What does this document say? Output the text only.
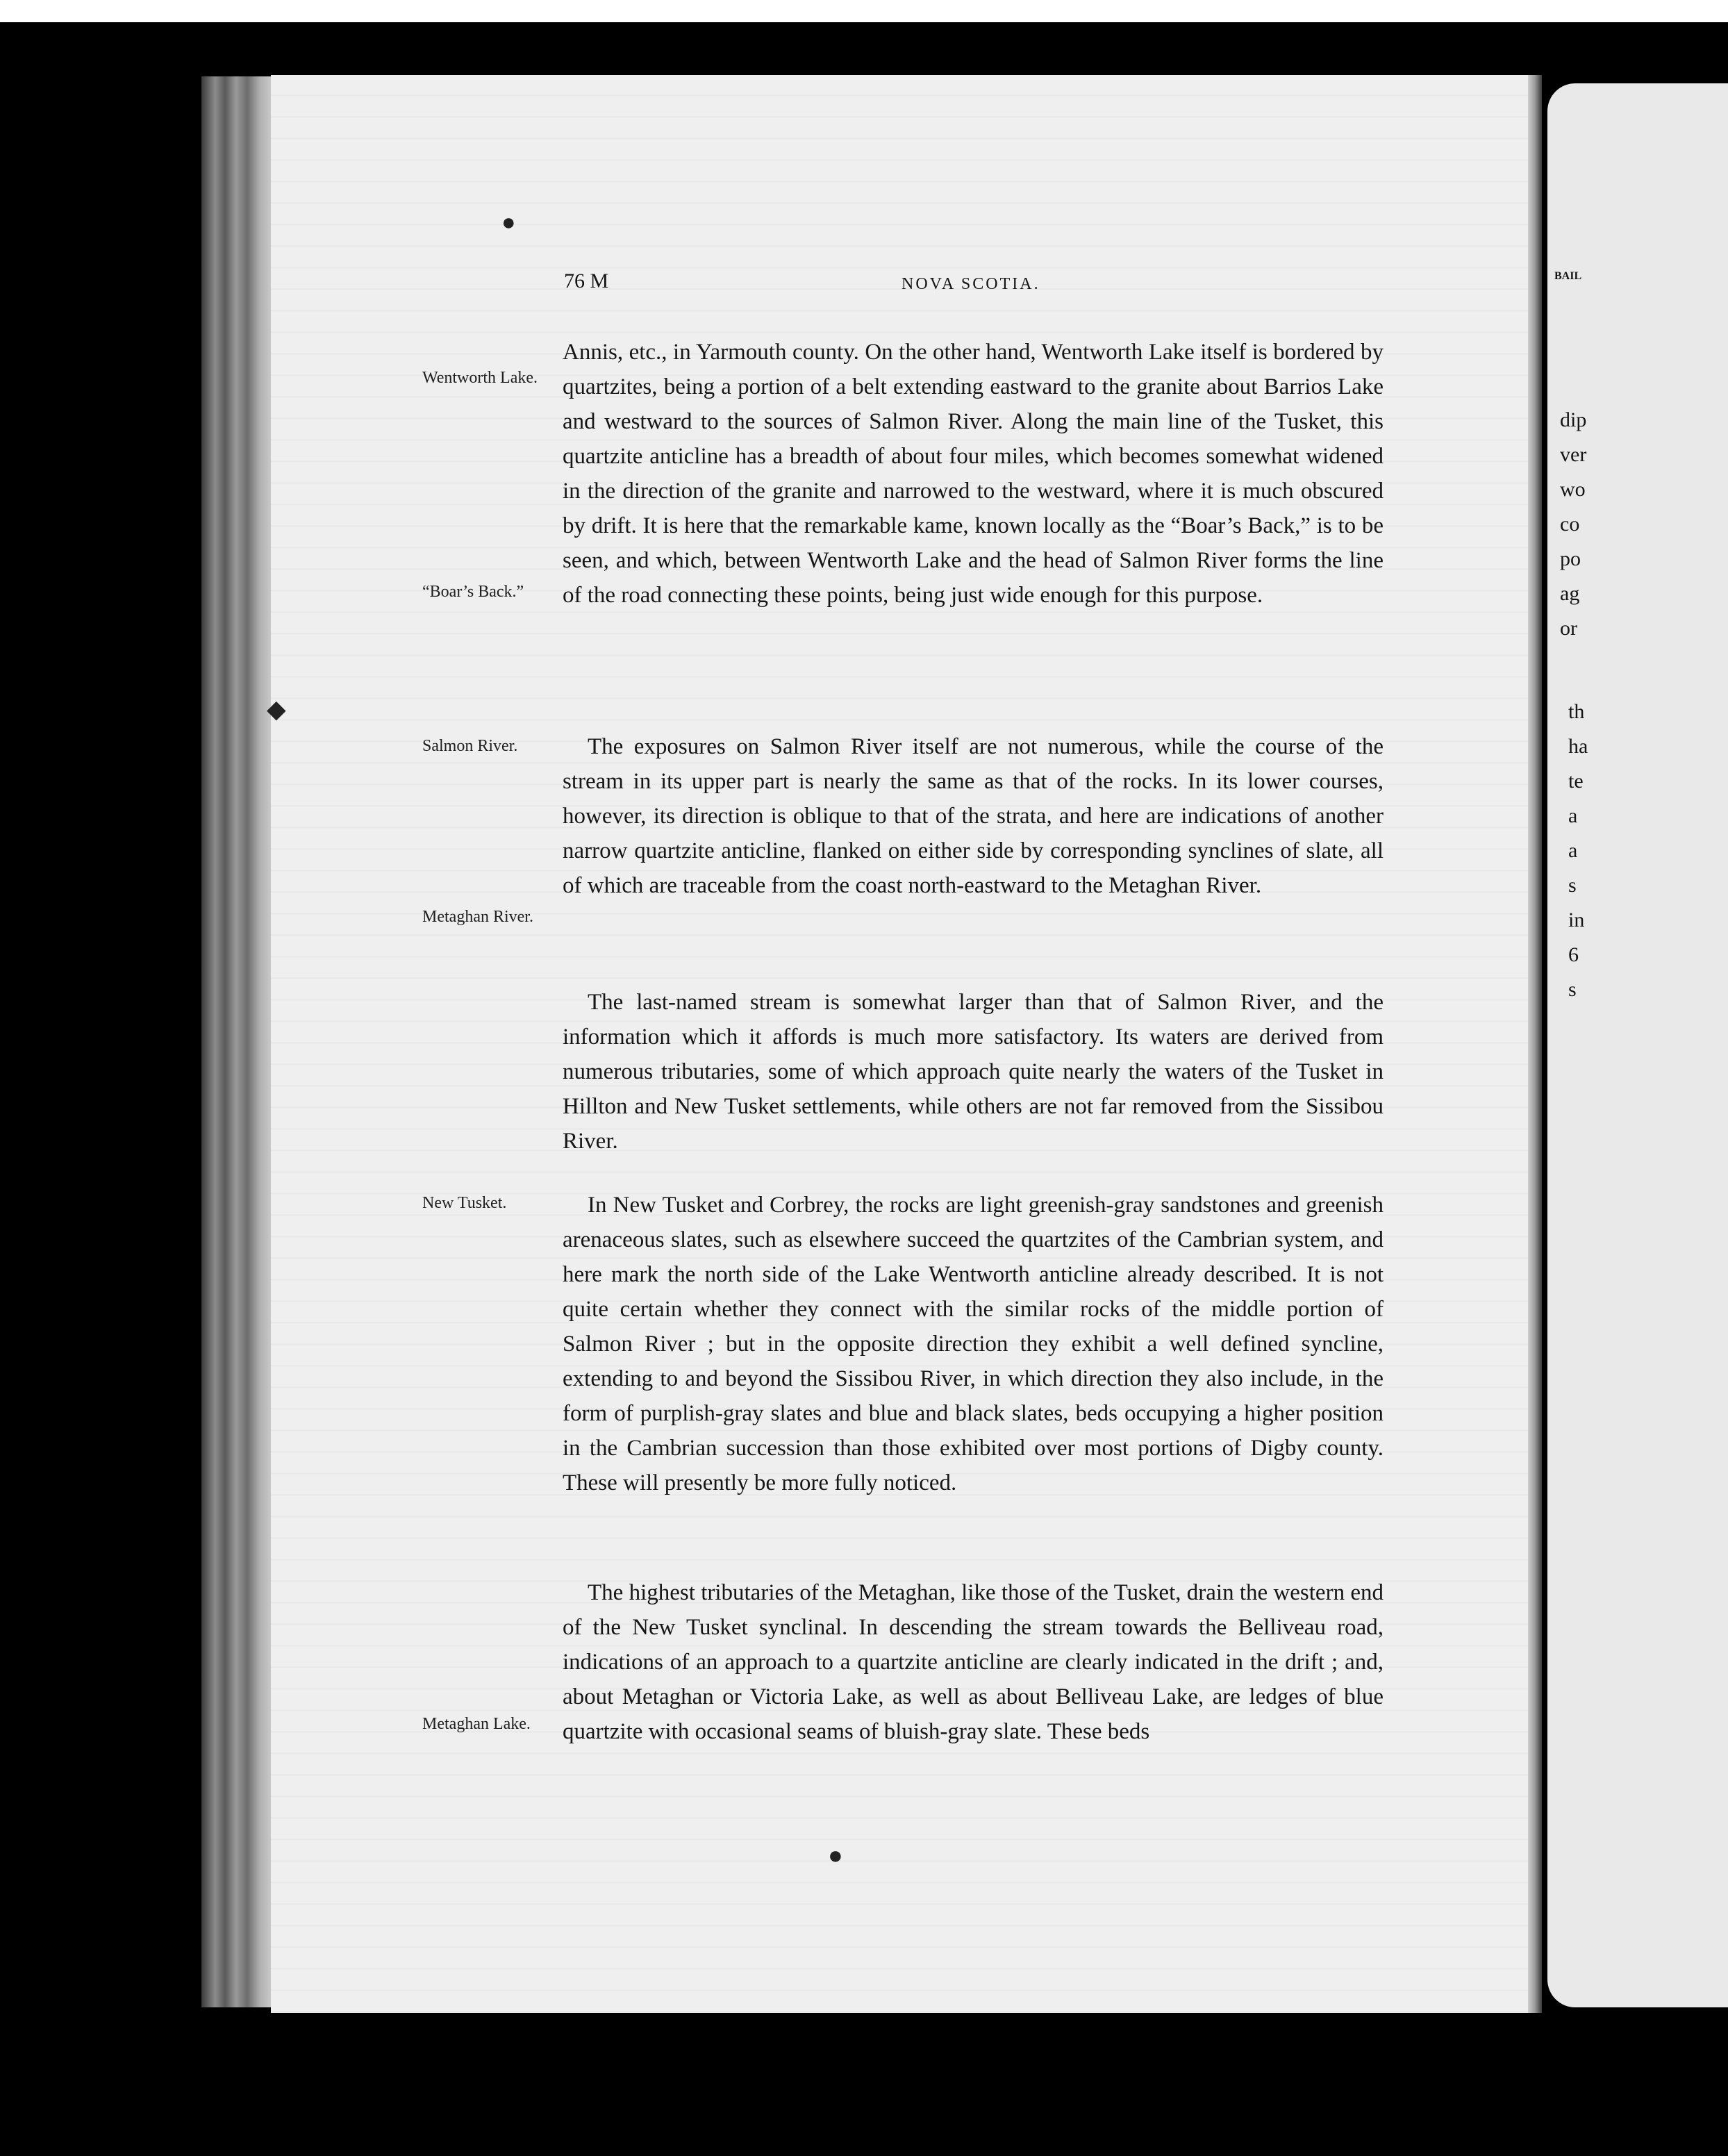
BAIL
dip
ver
wo
co
po
ag
or
th
ha
te
a
a
s
in
6
s
●
◆
●
76 M	NOVA SCOTIA.
Wentworth Lake.
“Boar’s Back.”
Salmon River.
Metaghan River.
New Tusket.
Metaghan Lake.

Annis, etc., in Yarmouth county. On the other hand, Wentworth Lake itself is bordered by quartzites, being a portion of a belt extending eastward to the granite about Barrios Lake and westward to the sources of Salmon River. Along the main line of the Tusket, this quartzite anticline has a breadth of about four miles, which becomes somewhat widened in the direction of the granite and narrowed to the westward, where it is much obscured by drift. It is here that the remarkable kame, known locally as the “Boar’s Back,” is to be seen, and which, between Wentworth Lake and the head of Salmon River forms the line of the road connecting these points, being just wide enough for this purpose.

The exposures on Salmon River itself are not numerous, while the course of the stream in its upper part is nearly the same as that of the rocks. In its lower courses, however, its direction is oblique to that of the strata, and here are indications of another narrow quartzite anticline, flanked on either side by corresponding synclines of slate, all of which are traceable from the coast north-eastward to the Metaghan River.

The last-named stream is somewhat larger than that of Salmon River, and the information which it affords is much more satisfactory. Its waters are derived from numerous tributaries, some of which approach quite nearly the waters of the Tusket in Hillton and New Tusket settlements, while others are not far removed from the Sissibou River.

In New Tusket and Corbrey, the rocks are light greenish-gray sandstones and greenish arenaceous slates, such as elsewhere succeed the quartzites of the Cambrian system, and here mark the north side of the Lake Wentworth anticline already described. It is not quite certain whether they connect with the similar rocks of the middle portion of Salmon River ; but in the opposite direction they exhibit a well defined syncline, extending to and beyond the Sissibou River, in which direction they also include, in the form of purplish-gray slates and blue and black slates, beds occupying a higher position in the Cambrian succession than those exhibited over most portions of Digby county. These will presently be more fully noticed.

The highest tributaries of the Metaghan, like those of the Tusket, drain the western end of the New Tusket synclinal. In descending the stream towards the Belliveau road, indications of an approach to a quartzite anticline are clearly indicated in the drift ; and, about Metaghan or Victoria Lake, as well as about Belliveau Lake, are ledges of blue quartzite with occasional seams of bluish-gray slate. These beds
